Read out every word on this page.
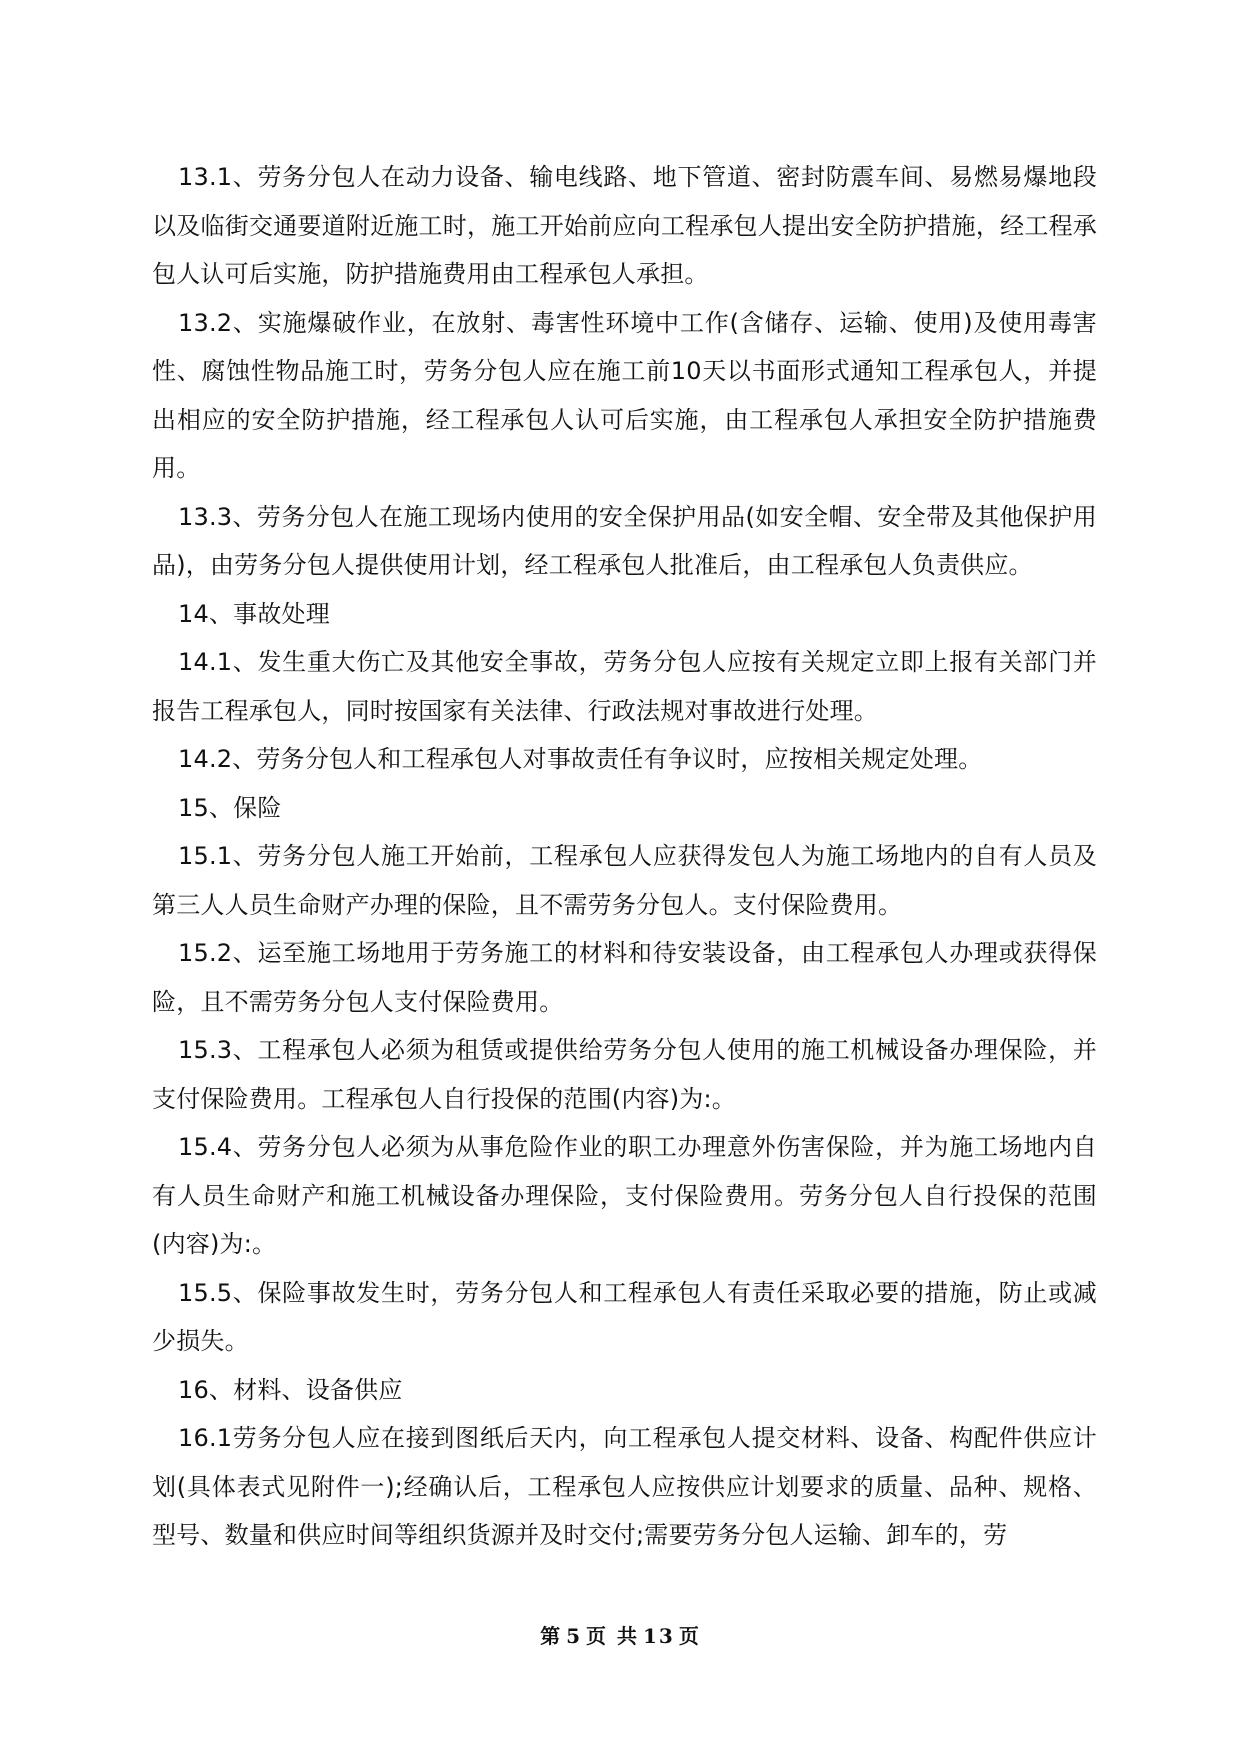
13.1、劳务分包人在动力设备、输电线路、地下管道、密封防震车间、易燃易爆地段以及临街交通要道附近施工时，施工开始前应向工程承包人提出安全防护措施，经工程承包人认可后实施，防护措施费用由工程承包人承担。

13.2、实施爆破作业，在放射、毒害性环境中工作(含储存、运输、使用)及使用毒害性、腐蚀性物品施工时，劳务分包人应在施工前10天以书面形式通知工程承包人，并提出相应的安全防护措施，经工程承包人认可后实施，由工程承包人承担安全防护措施费用。

13.3、劳务分包人在施工现场内使用的安全保护用品(如安全帽、安全带及其他保护用品)，由劳务分包人提供使用计划，经工程承包人批准后，由工程承包人负责供应。

14、事故处理

14.1、发生重大伤亡及其他安全事故，劳务分包人应按有关规定立即上报有关部门并报告工程承包人，同时按国家有关法律、行政法规对事故进行处理。

14.2、劳务分包人和工程承包人对事故责任有争议时，应按相关规定处理。

15、保险

15.1、劳务分包人施工开始前，工程承包人应获得发包人为施工场地内的自有人员及第三人人员生命财产办理的保险，且不需劳务分包人。支付保险费用。

15.2、运至施工场地用于劳务施工的材料和待安装设备，由工程承包人办理或获得保险，且不需劳务分包人支付保险费用。

15.3、工程承包人必须为租赁或提供给劳务分包人使用的施工机械设备办理保险，并支付保险费用。工程承包人自行投保的范围(内容)为:。

15.4、劳务分包人必须为从事危险作业的职工办理意外伤害保险，并为施工场地内自有人员生命财产和施工机械设备办理保险，支付保险费用。劳务分包人自行投保的范围(内容)为:。

15.5、保险事故发生时，劳务分包人和工程承包人有责任采取必要的措施，防止或减少损失。

16、材料、设备供应

16.1劳务分包人应在接到图纸后天内，向工程承包人提交材料、设备、构配件供应计划(具体表式见附件一);经确认后，工程承包人应按供应计划要求的质量、品种、规格、型号、数量和供应时间等组织货源并及时交付;需要劳务分包人运输、卸车的，劳

第 5 页 共 13 页
